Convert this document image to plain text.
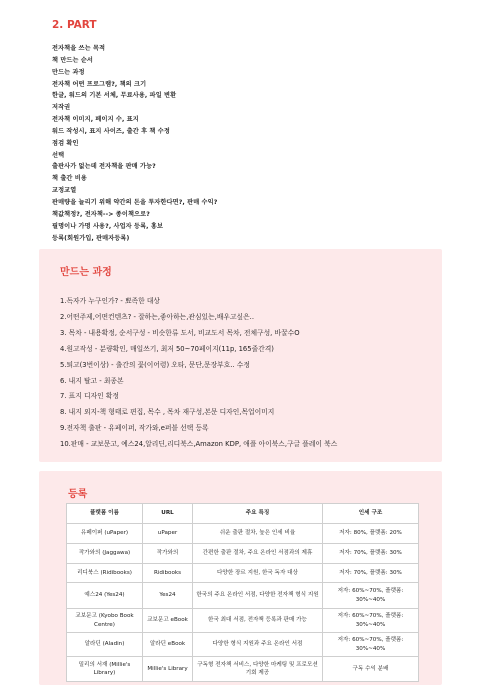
2. PART
전자책을 쓰는 목적
책 만드는 순서
만드는 과정
전자책 어떤 프로그램?, 책의 크기
한글, 워드의 기본 서체, 무료사용, 파일 변환
저작권
전자책 이미지, 페이지 수, 표지
워드 작성시, 표지 사이즈, 출간 후 책 수정
점검 확인
선택
출판사가 없는데 전자책을 판매 가능?
책 출간 비용
교정교열
판매량을 늘리기 위해 약간의 돈을 투자한다면?, 판매 수익?
책값책정?, 전자책--> 종이책으로?
필명이나 가명 사용?, 사업자 등록, 홍보
등록(회원가입, 판매자등록)
만드는 과정
1.독자가 누구인가? - 뾰족한 대상
2.어떤주제,어떤컨텐츠? - 잘하는,좋아하는,관심있는,배우고싶은..
3. 목차 - 내용확정, 순서구성 - 비슷한류 도서, 비교도서 목차, 전체구성, 바꿀수O
4.원고작성 - 분량확인, 매일쓰기, 최저 50~70페이지(11p, 165줄간격)
5.퇴고(3번이상) - 출간의 꽃(이어령) 오타, 문단,문장부호.. 수정
6. 내지 탈고 - 최종본
7. 표지 디자인 확정
8. 내지 외지-책 형태로 편집, 목수 , 목차 재구성,본문 디자인,목업이미지
9.전자책 출판 - 유페이퍼, 작가와,e퍼블 선택 등록
10.판매 - 교보문고, 예스24,알리딘,리디북스,Amazon KDP, 애플 아이북스,구글 플레이 북스
등록
플랫폼 이름	URL	주요 특징	인세 구조
유페이퍼 (uPaper)	uPaper	쉬운 출판 절차, 높은 인세 비율	저자: 80%, 플랫폼: 20%
작가와의 (Jaggawa)	작가와의	간편한 출판 절차, 주요 온라인 서점과의 제휴	저자: 70%, 플랫폼: 30%
리디북스 (Ridibooks)	Ridibooks	다양한 장르 지원, 한국 독자 대상	저자: 70%, 플랫폼: 30%
예스24 (Yes24)	Yes24	한국의 주요 온라인 서점, 다양한 전자책 형식 지원	저자: 60%~70%, 플랫폼: 30%~40%
교보문고 (Kyobo Book Centre)	교보문고 eBook	한국 최대 서점, 전자책 등록과 판매 가능	저자: 60%~70%, 플랫폼: 30%~40%
알라딘 (Aladin)	알라딘 eBook	다양한 형식 지원과 주요 온라인 서점	저자: 60%~70%, 플랫폼: 30%~40%
밀리의 서재 (Millie's Library)	Millie's Library	구독형 전자책 서비스, 다양한 마케팅 및 프로모션 기회 제공	구독 수익 분배
